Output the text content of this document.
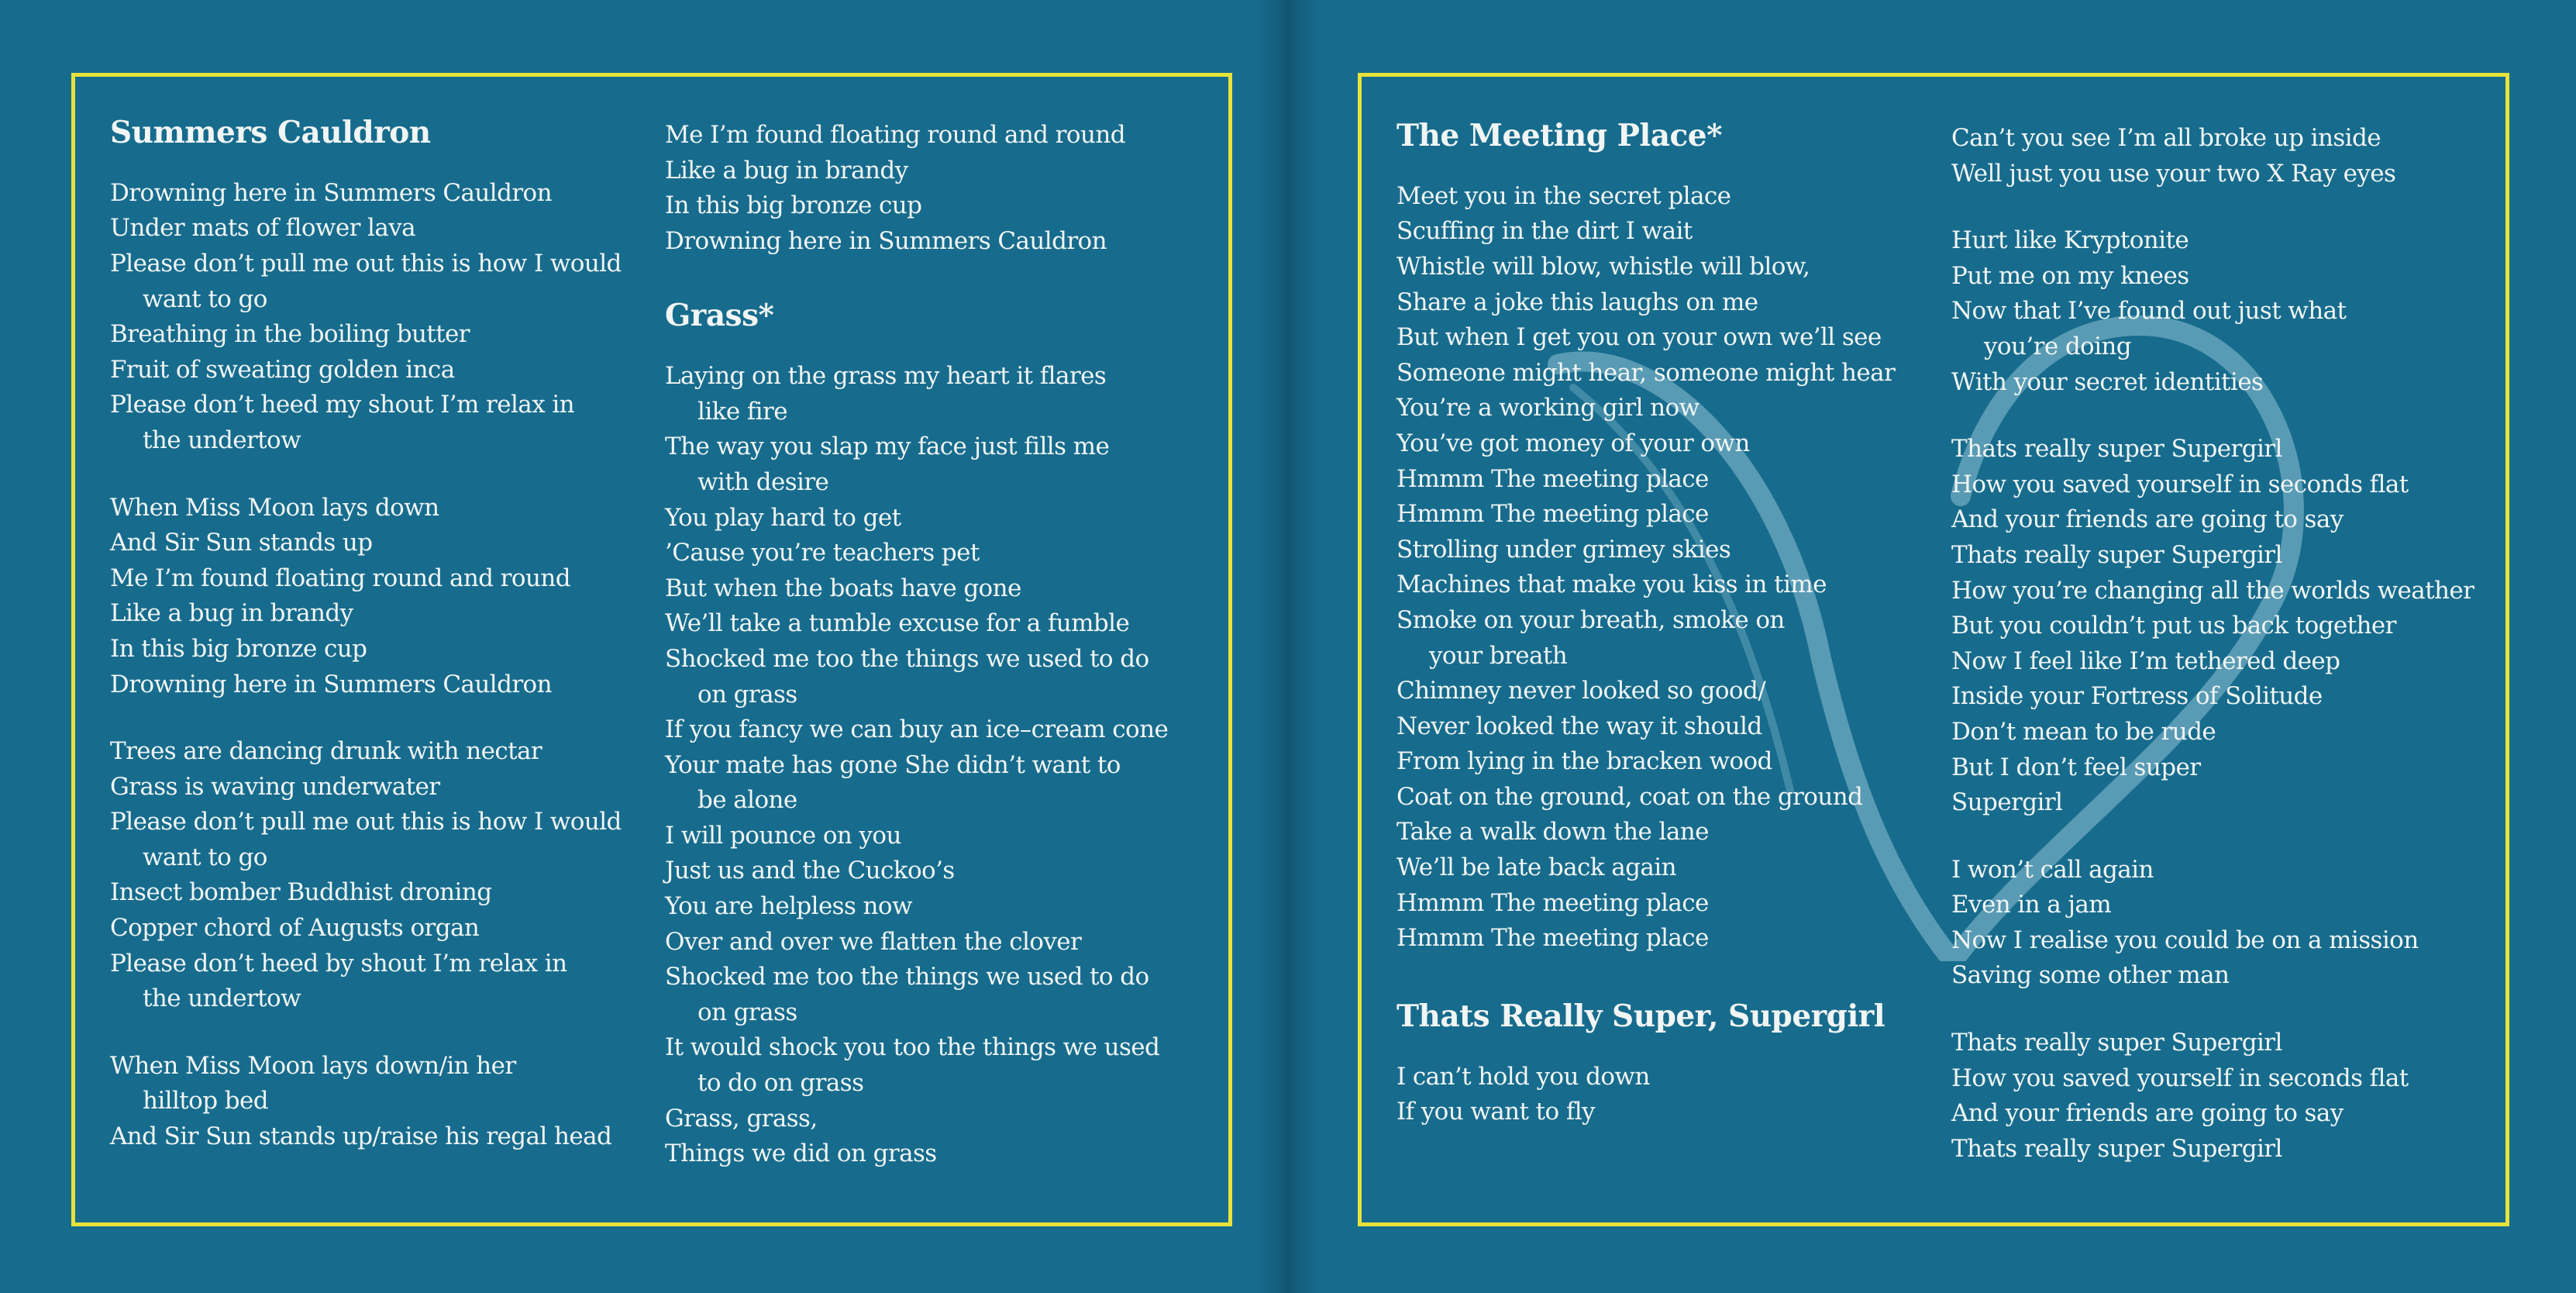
Summers Cauldron
Drowning here in Summers Cauldron
Under mats of flower lava
Please don’t pull me out this is how I would
want to go
Breathing in the boiling butter
Fruit of sweating golden inca
Please don’t heed my shout I’m relax in
the undertow
When Miss Moon lays down
And Sir Sun stands up
Me I’m found floating round and round
Like a bug in brandy
In this big bronze cup
Drowning here in Summers Cauldron
Trees are dancing drunk with nectar
Grass is waving underwater
Please don’t pull me out this is how I would
want to go
Insect bomber Buddhist droning
Copper chord of Augusts organ
Please don’t heed by shout I’m relax in
the undertow
When Miss Moon lays down/in her
hilltop bed
And Sir Sun stands up/raise his regal head
Me I’m found floating round and round
Like a bug in brandy
In this big bronze cup
Drowning here in Summers Cauldron
Grass*
Laying on the grass my heart it flares
like fire
The way you slap my face just fills me
with desire
You play hard to get
’Cause you’re teachers pet
But when the boats have gone
We’ll take a tumble excuse for a fumble
Shocked me too the things we used to do
on grass
If you fancy we can buy an ice–cream cone
Your mate has gone She didn’t want to
be alone
I will pounce on you
Just us and the Cuckoo’s
You are helpless now
Over and over we flatten the clover
Shocked me too the things we used to do
on grass
It would shock you too the things we used
to do on grass
Grass, grass,
Things we did on grass
The Meeting Place*
Meet you in the secret place
Scuffing in the dirt I wait
Whistle will blow, whistle will blow,
Share a joke this laughs on me
But when I get you on your own we’ll see
Someone might hear, someone might hear
You’re a working girl now
You’ve got money of your own
Hmmm The meeting place
Hmmm The meeting place
Strolling under grimey skies
Machines that make you kiss in time
Smoke on your breath, smoke on
your breath
Chimney never looked so good/
Never looked the way it should
From lying in the bracken wood
Coat on the ground, coat on the ground
Take a walk down the lane
We’ll be late back again
Hmmm The meeting place
Hmmm The meeting place
Thats Really Super, Supergirl
I can’t hold you down
If you want to fly
Can’t you see I’m all broke up inside
Well just you use your two X Ray eyes
Hurt like Kryptonite
Put me on my knees
Now that I’ve found out just what
you’re doing
With your secret identities
Thats really super Supergirl
How you saved yourself in seconds flat
And your friends are going to say
Thats really super Supergirl
How you’re changing all the worlds weather
But you couldn’t put us back together
Now I feel like I’m tethered deep
Inside your Fortress of Solitude
Don’t mean to be rude
But I don’t feel super
Supergirl
I won’t call again
Even in a jam
Now I realise you could be on a mission
Saving some other man
Thats really super Supergirl
How you saved yourself in seconds flat
And your friends are going to say
Thats really super Supergirl
